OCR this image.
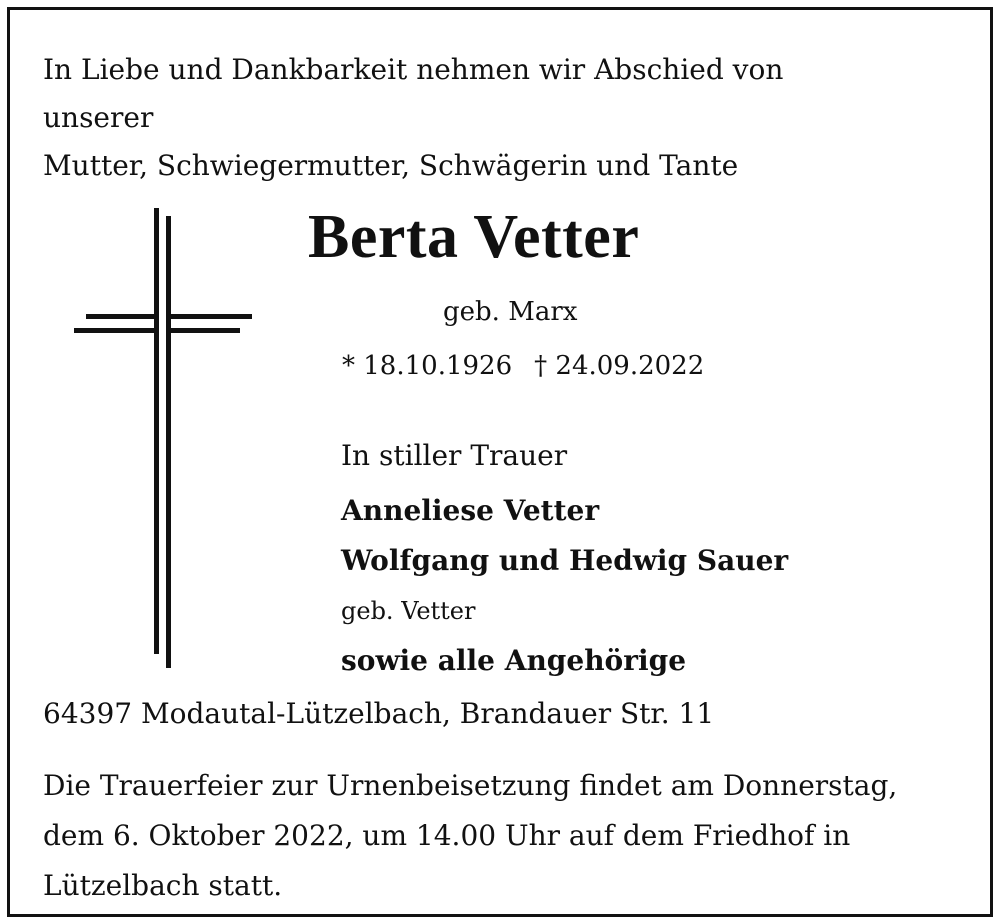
In Liebe und Dankbarkeit nehmen wir Abschied von
unserer
Mutter, Schwiegermutter, Schwägerin und Tante
Berta Vetter
geb. Marx
* 18.10.1926 † 24.09.2022
In stiller Trauer
Anneliese Vetter
Wolfgang und Hedwig Sauer
geb. Vetter
sowie alle Angehörige
64397 Modautal-Lützelbach, Brandauer Str. 11
Die Trauerfeier zur Urnenbeisetzung findet am Donnerstag,
dem 6. Oktober 2022, um 14.00 Uhr auf dem Friedhof in
Lützelbach statt.
